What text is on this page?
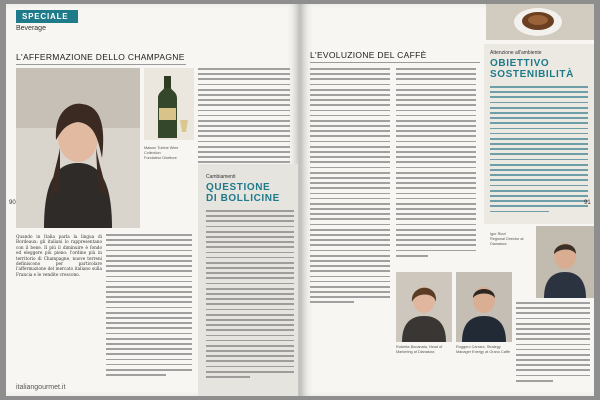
SPECIALE
Beverage
L'AFFERMAZIONE DELLO CHAMPAGNE
Maison Tubine Wine Collection
Fondateur Direttore
Quando in Italia parla la lingua di Bordeaux: gli italiani lo rappresentano con il bene. Il più il diminuire è fondo ed eleggere più pieno: l'ordine più in territorio di Champagne, nuove terreni definiscono per particolare l'affermazione del mercato italiano sulla Francia e le vendite crescono.
Cambiamenti
QUESTIONE
DI BOLLICINE
90
italiangourmet.it
L'EVOLUZIONE DEL CAFFÈ	Attenzione all'ambiente
OBIETTIVO
SOSTENIBILITÀ
Igor Rizzi
Regional Director at Dianatura
Roberta Bonanata, Head of Marketing at Dianatura
Ruggero Carrara, Strategy Manager Energy at Orano Caffè
91
